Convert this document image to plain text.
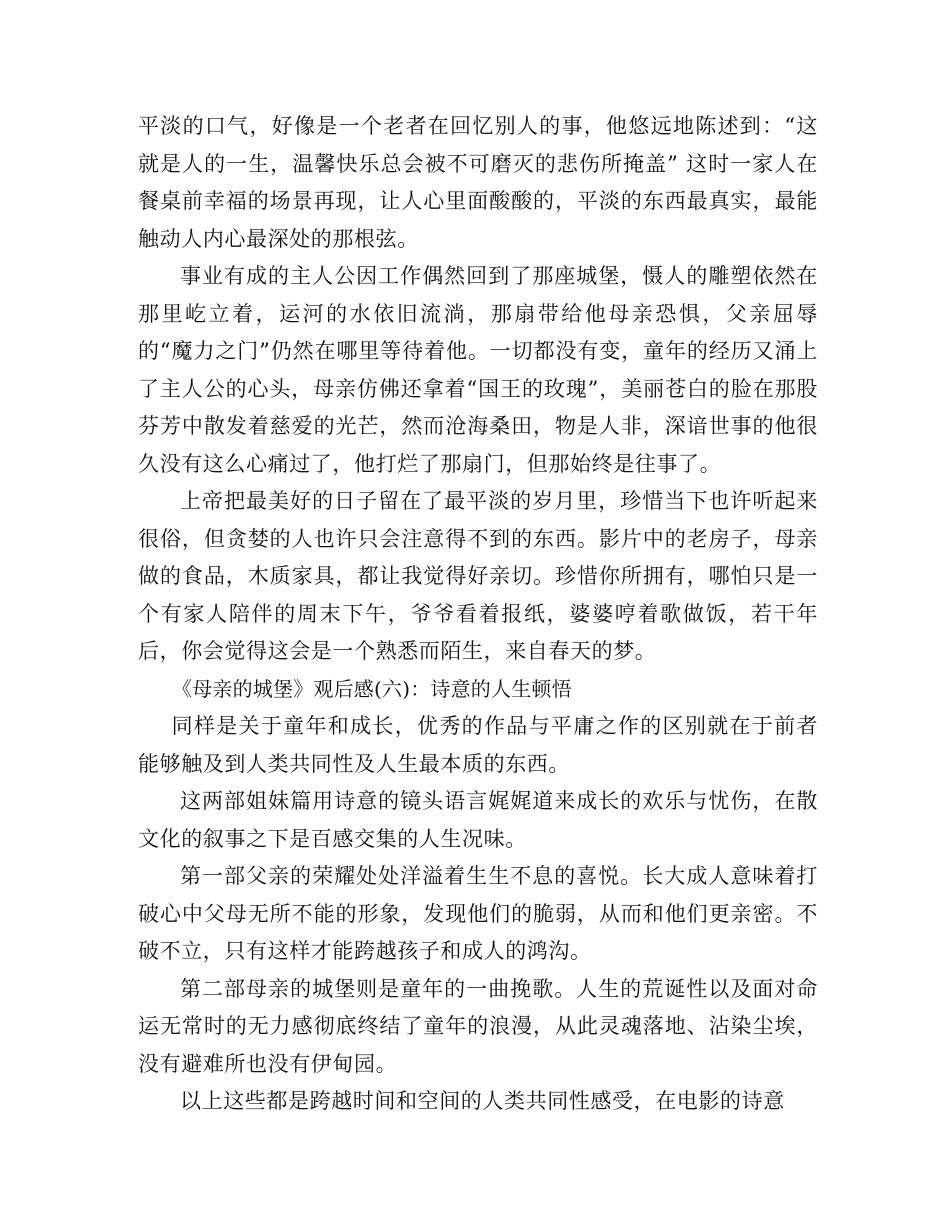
平淡的口气，好像是一个老者在回忆别人的事，他悠远地陈述到：“这就是人的一生，温馨快乐总会被不可磨灭的悲伤所掩盖” 这时一家人在餐桌前幸福的场景再现，让人心里面酸酸的，平淡的东西最真实，最能触动人内心最深处的那根弦。

事业有成的主人公因工作偶然回到了那座城堡，慑人的雕塑依然在那里屹立着，运河的水依旧流淌，那扇带给他母亲恐惧，父亲屈辱的“魔力之门”仍然在哪里等待着他。一切都没有变，童年的经历又涌上了主人公的心头，母亲仿佛还拿着“国王的玫瑰”，美丽苍白的脸在那股芬芳中散发着慈爱的光芒，然而沧海桑田，物是人非，深谙世事的他很久没有这么心痛过了，他打烂了那扇门，但那始终是往事了。

上帝把最美好的日子留在了最平淡的岁月里，珍惜当下也许听起来很俗，但贪婪的人也许只会注意得不到的东西。影片中的老房子，母亲做的食品，木质家具，都让我觉得好亲切。珍惜你所拥有，哪怕只是一个有家人陪伴的周末下午，爷爷看着报纸，婆婆哼着歌做饭，若干年后，你会觉得这会是一个熟悉而陌生，来自春天的梦。

《母亲的城堡》观后感(六)：诗意的人生顿悟

同样是关于童年和成长，优秀的作品与平庸之作的区别就在于前者能够触及到人类共同性及人生最本质的东西。

这两部姐妹篇用诗意的镜头语言娓娓道来成长的欢乐与忧伤，在散文化的叙事之下是百感交集的人生况味。

第一部父亲的荣耀处处洋溢着生生不息的喜悦。长大成人意味着打破心中父母无所不能的形象，发现他们的脆弱，从而和他们更亲密。不破不立，只有这样才能跨越孩子和成人的鸿沟。

第二部母亲的城堡则是童年的一曲挽歌。人生的荒诞性以及面对命运无常时的无力感彻底终结了童年的浪漫，从此灵魂落地、沾染尘埃，没有避难所也没有伊甸园。

以上这些都是跨越时间和空间的人类共同性感受，在电影的诗意
